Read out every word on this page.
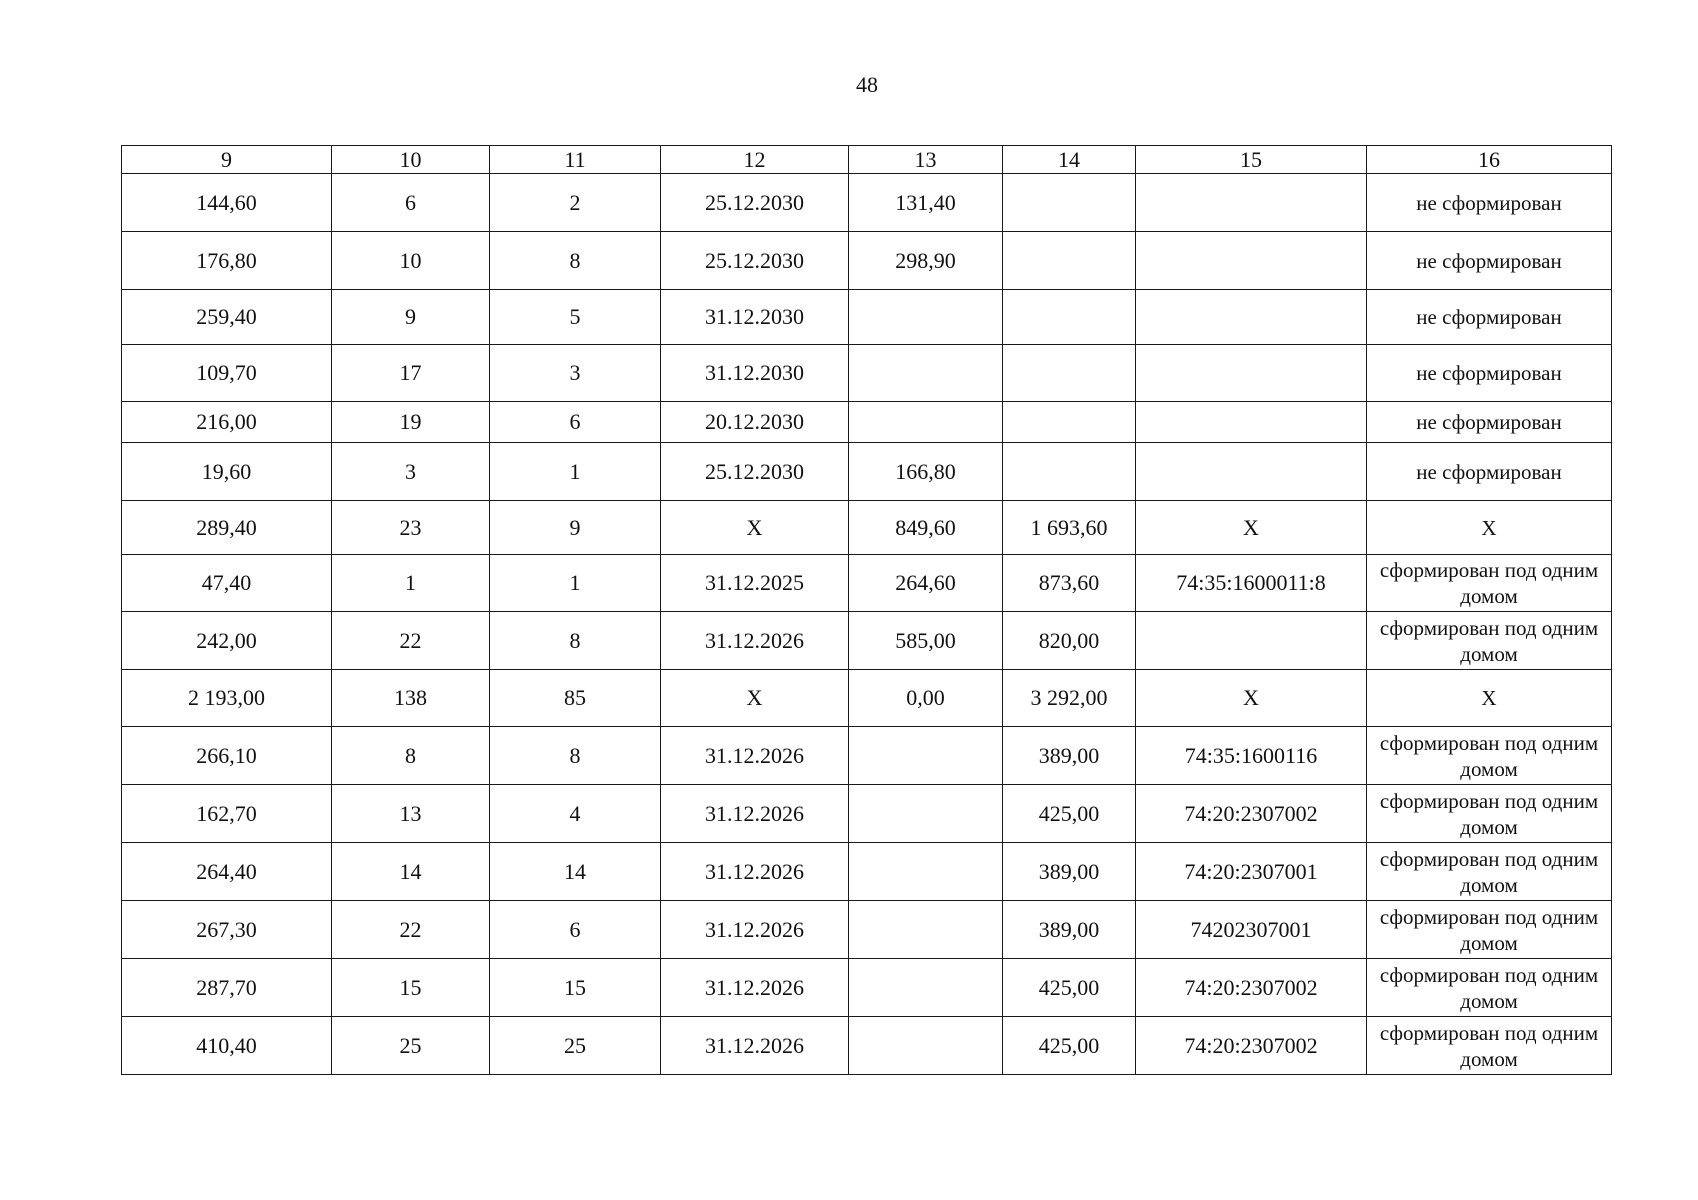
48
9	10	11	12	13	14	15	16
144,60	6	2	25.12.2030	131,40			не сформирован
176,80	10	8	25.12.2030	298,90			не сформирован
259,40	9	5	31.12.2030				не сформирован
109,70	17	3	31.12.2030				не сформирован
216,00	19	6	20.12.2030				не сформирован
19,60	3	1	25.12.2030	166,80			не сформирован
289,40	23	9	X	849,60	1 693,60	X	X
47,40	1	1	31.12.2025	264,60	873,60	74:35:1600011:8	сформирован под одним домом
242,00	22	8	31.12.2026	585,00	820,00		сформирован под одним домом
2 193,00	138	85	X	0,00	3 292,00	X	X
266,10	8	8	31.12.2026		389,00	74:35:1600116	сформирован под одним домом
162,70	13	4	31.12.2026		425,00	74:20:2307002	сформирован под одним домом
264,40	14	14	31.12.2026		389,00	74:20:2307001	сформирован под одним домом
267,30	22	6	31.12.2026		389,00	74202307001	сформирован под одним домом
287,70	15	15	31.12.2026		425,00	74:20:2307002	сформирован под одним домом
410,40	25	25	31.12.2026		425,00	74:20:2307002	сформирован под одним домом
